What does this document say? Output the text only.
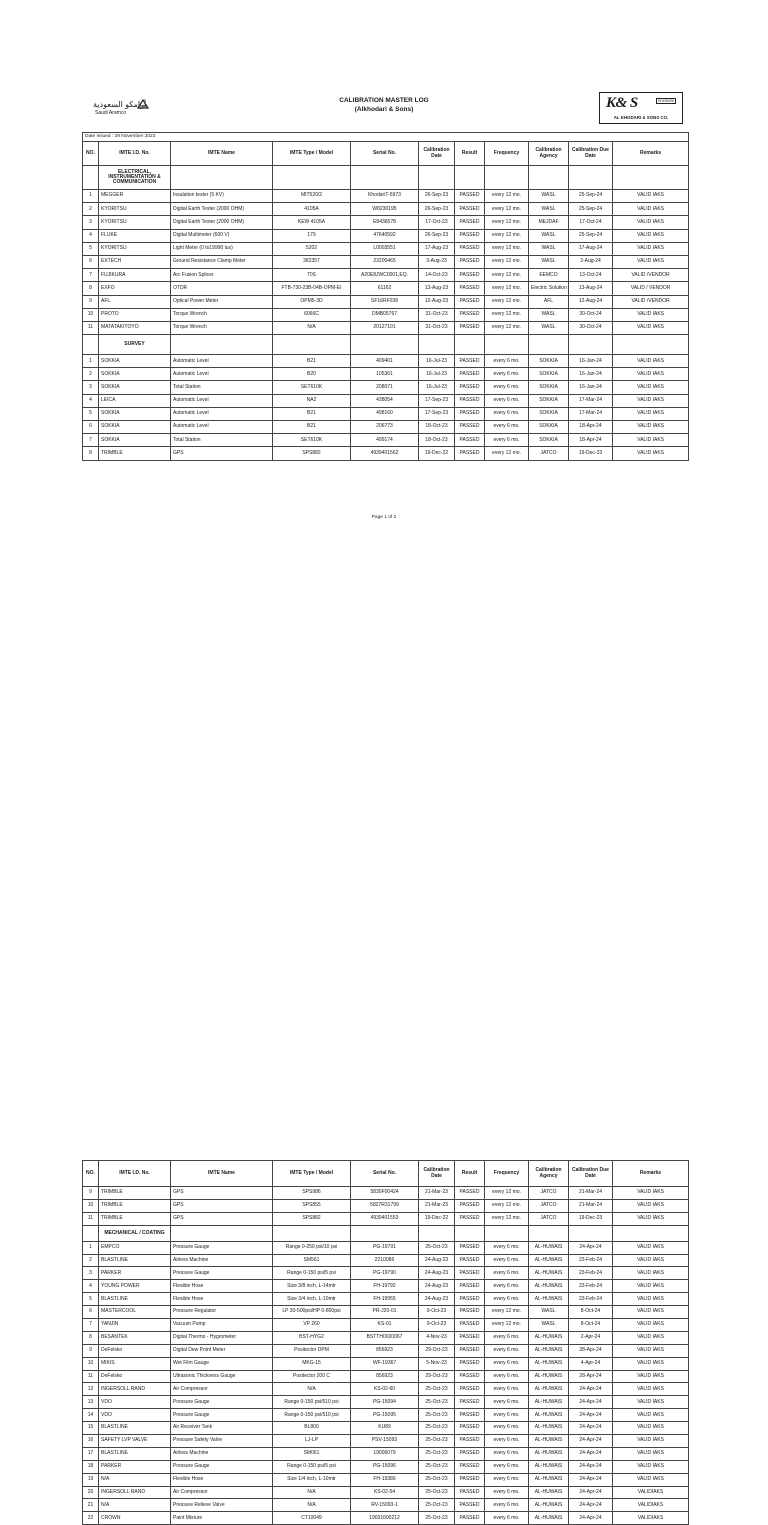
أرامكو السعودية
Saudi Aramco
CALIBRATION MASTER LOG
(Alkhodari & Sons)	K& S	KHODARI
AL KHODARI & SONS CO.
Date Issued : 29 November 2023										
NO.	IMTE I.D. No.	IMTE Name	IMTE Type / Model	Serial No.	Calibration Date	Result	Frequency	Calibration Agency	Calibration Due Date	Remarks
	ELECTRICAL, INSTRUMENTATION & COMMUNICATION									
1	MEGGER	Insulation tester (5 KV)	MIT520/2	KhodariT-5973	26-Sep-23	PASSED	every 12 mo.	WASL	25-Sep-24	VALID IAKS
2	KYORITSU	Digital Earth Tester (2000 OHM)	4105A	W8230195	26-Sep-23	PASSED	every 12 mo.	WASL	25-Sep-24	VALID IAKS
3	KYORITSU	Digital Earth Tester (2000 OHM)	KEW 4105A	E8436578	17-Oct-23	PASSED	every 12 mo.	MEJDAF	17-Oct-24	VALID IAKS
4	FLUKE	Digital Multimeter (600 V)	179	47640592	26-Sep-23	PASSED	every 12 mo.	WASL	25-Sep-24	VALID IAKS
5	KYORITSU	Light Meter (0 to19990 lux)	5202	L0003551	17-Aug-23	PASSED	every 12 mo.	WASL	17-Aug-24	VALID IAKS
6	EXTECH	Ground Resistance Clamp Meter	382357	23200465	3-Aug-23	PASSED	every 12 mo.	WASL	2-Aug-24	VALID IAKS
7	FUJIKURA	Arc Fusion Splicer	70S	A20E8JWC0001,EQ.	14-Oct-23	PASSED	every 12 mo.	EEMCO	13-Oct-24	VALID /VENDOR
8	EXFO	OTDR	FTB-730-23B-04B-OPM-EI	61162	13-Aug-23	PASSED	every 12 mo.	Electric Solution	13-Aug-24	VALID / VENDOR
9	AFL	Optical Power Meter	OPM5-3D	SF16RF038	12-Aug-23	PASSED	every 12 mo.	AFL	12-Aug-24	VALID /VENDOR
10	PROTO	Torque Wrench	6066C	DMB05767	31-Oct-23	PASSED	every 12 mo.	WASL	30-Oct-24	VALID IAKS
11	MATATAKITOYO	Torque Wrench	N/A	20127101	31-Oct-23	PASSED	every 12 mo.	WASL	30-Oct-24	VALID IAKS
	SURVEY									
1	SOKKIA	Automatic Level	B21	409401	16-Jul-23	PASSED	every 6 mo.	SOKKIA	16-Jan-24	VALID IAKS
2	SOKKIA	Automatic Level	B20	105361	16-Jul-23	PASSED	every 6 mo.	SOKKIA	16-Jan-24	VALID IAKS
3	SOKKIA	Total Station	SET610K	208071	16-Jul-23	PASSED	every 6 mo.	SOKKIA	16-Jan-24	VALID IAKS
4	LEICA	Automatic Level	NA2	438054	17-Sep-23	PASSED	every 6 mo.	SOKKIA	17-Mar-24	VALID IAKS
5	SOKKIA	Automatic Level	B21	498160	17-Sep-23	PASSED	every 6 mo.	SOKKIA	17-Mar-24	VALID IAKS
6	SOKKIA	Automatic Level	B21	206773	18-Oct-23	PASSED	every 6 mo.	SOKKIA	18-Apr-24	VALID IAKS
7	SOKKIA	Total Station	SET610K	499174	18-Oct-23	PASSED	every 6 mo.	SOKKIA	18-Apr-24	VALID IAKS
8	TRIMBLE	GPS	SPS882	4939401562	19-Dec-22	PASSED	every 12 mo.	JATCO	19-Dec-23	VALID IAKS
Page 1 of 2
NO.	IMTE I.D. No.	IMTE Name	IMTE Type / Model	Serial No.	Calibration Date	Result	Frequency	Calibration Agency	Calibration Due Date	Remarks
9	TRIMBLE	GPS	SPS986	5830F00424	21-Mar-23	PASSED	every 12 mo.	JATCO	21-Mar-24	VALID IAKS
10	TRIMBLE	GPS	SPS855	5827R31799	21-Mar-23	PASSED	every 12 mo.	JATCO	21-Mar-24	VALID IAKS
11	TRIMBLE	GPS	SPS882	4939401553	19-Dec-22	PASSED	every 12 mo.	JATCO	19-Dec-23	VALID IAKS
	MECHANICAL / COATING									
1	EMPCO	Pressure Gauge	Range 0-250 psi/10 psi	PG-19791	25-Oct-23	PASSED	every 6 mo.	AL-HUWAIS	24-Apr-24	VALID IAKS
2	BLASTLINE	Airless Machine	SM561	2210086	24-Aug-23	PASSED	every 6 mo.	AL-HUWAIS	23-Feb-24	VALID IAKS
3	PARKER	Pressure Gauge	Range 0-150 psi/5 psi	PG-19790	24-Aug-23	PASSED	every 6 mo.	AL-HUWAIS	23-Feb-24	VALID IAKS
4	YOUNG POWER	Flexible Hose	Size 3/8 inch, L-14mtr	FH-19792	24-Aug-23	PASSED	every 6 mo.	AL-HUWAIS	23-Feb-24	VALID IAKS
5	BLASTLINE	Flexible Hose	Size 3/4 inch, L-10mtr	FH-19955	24-Aug-23	PASSED	every 6 mo.	AL-HUWAIS	23-Feb-24	VALID IAKS
6	MASTERCOOL	Pressure Regulator	LP 30-500psi/HP 0-800psi	PR-J20-01	9-Oct-23	PASSED	every 12 mo.	WASL	8-Oct-24	VALID IAKS
7	YANJIN	Vacuum Pump	VP 260	KS-01	9-Oct-23	PASSED	every 12 mo.	WASL	8-Oct-24	VALID IAKS
8	BESANTEK	Digital Thermo - Hygrometer	BST-HYG2	BSTTH0020067	4-Nov-23	PASSED	every 6 mo.	AL-HUWAIS	2-Apr-24	VALID IAKS
9	DeFelsko	Digital Dew Point Meter	Positector DPM	856923	29-Oct-23	PASSED	every 6 mo.	AL-HUWAIS	28-Apr-24	VALID IAKS
10	MIKIS	Wet Film Gauge	MKG-15	WF-19367	5-Nov-23	PASSED	every 6 mo.	AL-HUWAIS	4-Apr-24	VALID IAKS
11	DeFelsko	Ultrasonic Thickness Gauge	Positector 200 C	856923	29-Oct-23	PASSED	every 6 mo.	AL-HUWAIS	28-Apr-24	VALID IAKS
12	INGERSOLL RAND	Air Compressor	N/A	KS-02-60	25-Oct-23	PASSED	every 6 mo.	AL-HUWAIS	24-Apr-24	VALID IAKS
13	VDO	Pressure Gauge	Range 0-150 psi/510 psi	PG-15094	25-Oct-23	PASSED	every 6 mo.	AL-HUWAIS	24-Apr-24	VALID IAKS
14	VDO	Pressure Gauge	Range 0-150 psi/510 psi	PG-15095	25-Oct-23	PASSED	every 6 mo.	AL-HUWAIS	24-Apr-24	VALID IAKS
15	BLASTLINE	Air Receiver Tank	BL800	KU89	25-Oct-23	PASSED	every 6 mo.	AL-HUWAIS	24-Apr-24	VALID IAKS
16	SAFETY LVP VALVE	Pressure Safety Valve	LJ-LP	PSV-15093	25-Oct-23	PASSED	every 6 mo.	AL-HUWAIS	24-Apr-24	VALID IAKS
17	BLASTLINE	Airless Machine	SM061	19006079	25-Oct-23	PASSED	every 6 mo.	AL-HUWAIS	24-Apr-24	VALID IAKS
18	PARKER	Pressure Gauge	Range 0-150 psi/5 psi	PG-15096	25-Oct-23	PASSED	every 6 mo.	AL-HUWAIS	24-Apr-24	VALID IAKS
19	N/A	Flexible Hose	Size 1/4 inch, L-10mtr	FH-19386	25-Oct-23	PASSED	every 6 mo.	AL-HUWAIS	24-Apr-24	VALID IAKS
20	INGERSOLL RAND	Air Compressor	N/A	KS-02-54	25-Oct-23	PASSED	every 6 mo.	AL-HUWAIS	24-Apr-24	VALIDIAKS
21	N/A	Pressure Relieve Valve	N/A	RV-15093-1	25-Oct-23	PASSED	every 6 mo.	AL-HUWAIS	24-Apr-24	VALIDIAKS
22	CROWN	Paint Mixture	CT10049	19031600212	25-Oct-23	PASSED	every 6 mo.	AL-HUWAIS	24-Apr-24	VALIDIAKS
